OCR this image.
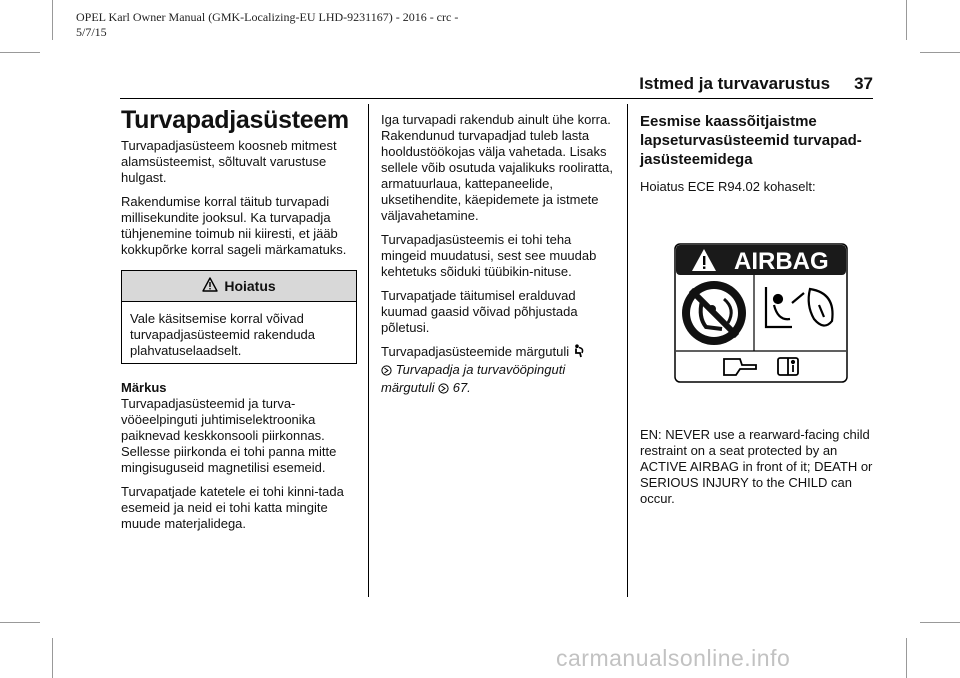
OPEL Karl Owner Manual (GMK-Localizing-EU LHD-9231167) - 2016 - crc -
5/7/15
Istmed ja turvavarustus 37
Turvapadjasüsteem

Turvapadjasüsteem koosneb mitmest alamsüsteemist, sõltuvalt varustuse hulgast.

Rakendumise korral täitub turvapadi millisekundite jooksul. Ka turvapadja tühjenemine toimub nii kiiresti, et jääb kokkupõrke korral sageli märkamatuks.

Hoiatus
Vale käsitsemise korral võivad turvapadjasüsteemid rakenduda plahvatuselaadselt.
Märkus

Turvapadjasüsteemid ja turva-vööeelpinguti juhtimiselektroonika paiknevad keskkonsooli piirkonnas. Sellesse piirkonda ei tohi panna mitte mingisuguseid magnetilisi esemeid.

Turvapatjade katetele ei tohi kinni-tada esemeid ja neid ei tohi katta mingite muude materjalidega.

Iga turvapadi rakendub ainult ühe korra. Rakendunud turvapadjad tuleb lasta hooldustöökojas välja vahetada. Lisaks sellele võib osutuda vajalikuks rooliratta, armatuurlaua, kattepaneelide, uksetihendite, käepidemete ja istmete väljavahetamine.

Turvapadjasüsteemis ei tohi teha mingeid muudatusi, sest see muudab kehtetuks sõiduki tüübikin-nituse.

Turvapatjade täitumisel eralduvad kuumad gaasid võivad põhjustada põletusi.

Turvapadjasüsteemide märgutuli
Turvapadja ja turvavööpinguti märgutuli 67.

Eesmise kaassõitjaistme lapseturvasüsteemid turvapad-jasüsteemidega

Hoiatus ECE R94.02 kohaselt:

AIRBAG

EN: NEVER use a rearward-facing child restraint on a seat protected by an ACTIVE AIRBAG in front of it; DEATH or SERIOUS INJURY to the CHILD can occur.

carmanualsonline.info
